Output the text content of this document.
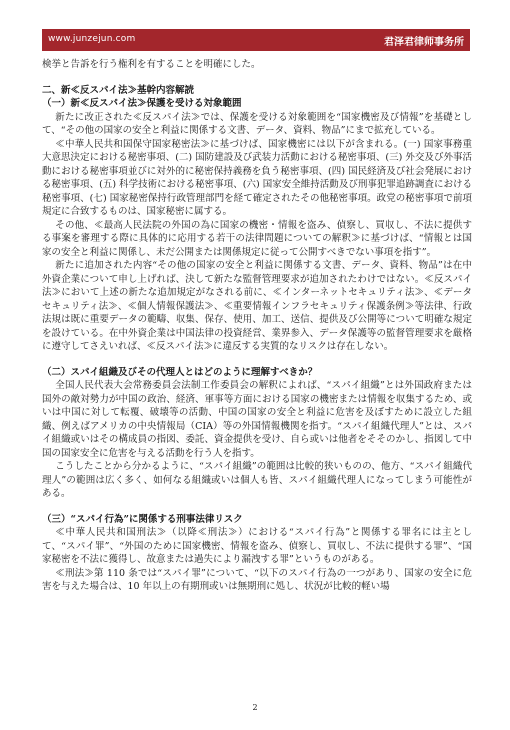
www.junzejun.com	君泽君律师事务所

検挙と告訴を行う権利を有することを明確にした。

二、新≪反スパイ法≫基幹内容解読

（一）新≪反スパイ法≫保護を受ける対象範囲

新たに改正された≪反スパイ法≫では、保護を受ける対象範囲を“国家機密及び情報”を基礎として、“その他の国家の安全と利益に関係する文書、データ、資料、物品”にまで拡充している。

≪中華人民共和国保守国家秘密法≫に基づけば、国家機密には以下が含まれる。(一) 国家事務重大意思決定における秘密事項、(二) 国防建設及び武装力活動における秘密事項、(三) 外交及び外事活動における秘密事項並びに対外的に秘密保持義務を負う秘密事項、(四) 国民経済及び社会発展における秘密事項、(五) 科学技術における秘密事項、(六) 国家安全維持活動及び刑事犯罪追跡調査における秘密事項、(七) 国家秘密保持行政管理部門を経て確定されたその他秘密事項。政党の秘密事項で前項規定に合致するものは、国家秘密に属する。

その他、≪最高人民法院の外国の為に国家の機密・情報を盗み、偵察し、買収し、不法に提供する事案を審理する際に具体的に応用する若干の法律問題についての解釈≫に基づけば、“情報とは国家の安全と利益に関係し、未だ公開または関係規定に従って公開すべきでない事項を指す”。

新たに追加された内容“その他の国家の安全と利益に関係する文書、データ、資料、物品”は在中外資企業について申し上げれば、決して新たな監督管理要求が追加されたわけではない。≪反スパイ法≫において上述の新たな追加規定がなされる前に、≪インターネットセキュリティ法≫、≪データセキュリティ法≫、≪個人情報保護法≫、≪重要情報インフラセキュリティ保護条例≫等法律、行政法規は既に重要データの範疇、収集、保存、使用、加工、送信、提供及び公開等について明確な規定を設けている。在中外資企業は中国法律の投資経営、業界参入、データ保護等の監督管理要求を厳格に遵守してさえいれば、≪反スパイ法≫に違反する実質的なリスクは存在しない。

（二）スパイ組織及びその代理人とはどのように理解すべきか？

全国人民代表大会常務委員会法制工作委員会の解釈によれば、“スパイ組織”とは外国政府または国外の敵対勢力が中国の政治、経済、軍事等方面における国家の機密または情報を収集するため、或いは中国に対して転覆、破壊等の活動、中国の国家の安全と利益に危害を及ぼすために設立した組織、例えばアメリカの中央情報局（CIA）等の外国情報機関を指す。“スパイ組織代理人”とは、スパイ組織或いはその構成員の指図、委託、資金提供を受け、自ら或いは他者をそそのかし、指図して中国の国家安全に危害を与える活動を行う人を指す。

こうしたことから分かるように、“スパイ組織”の範囲は比較的狭いものの、他方、“スパイ組織代理人”の範囲は広く多く、如何なる組織或いは個人も皆、スパイ組織代理人になってしまう可能性がある。

（三）“スパイ行為”に関係する刑事法律リスク

≪中華人民共和国刑法≫（以降≪刑法≫）における“スパイ行為”と関係する罪名には主として、“スパイ罪”、“外国のために国家機密、情報を盗み、偵察し、買収し、不法に提供する罪”、“国家秘密を不法に獲得し、故意または過失により漏洩する罪”というものがある。

≪刑法≫第 110 条では“スパイ罪”について、“以下のスパイ行為の一つがあり、国家の安全に危害を与えた場合は、10 年以上の有期刑或いは無期刑に処し、状況が比較的軽い場

2
